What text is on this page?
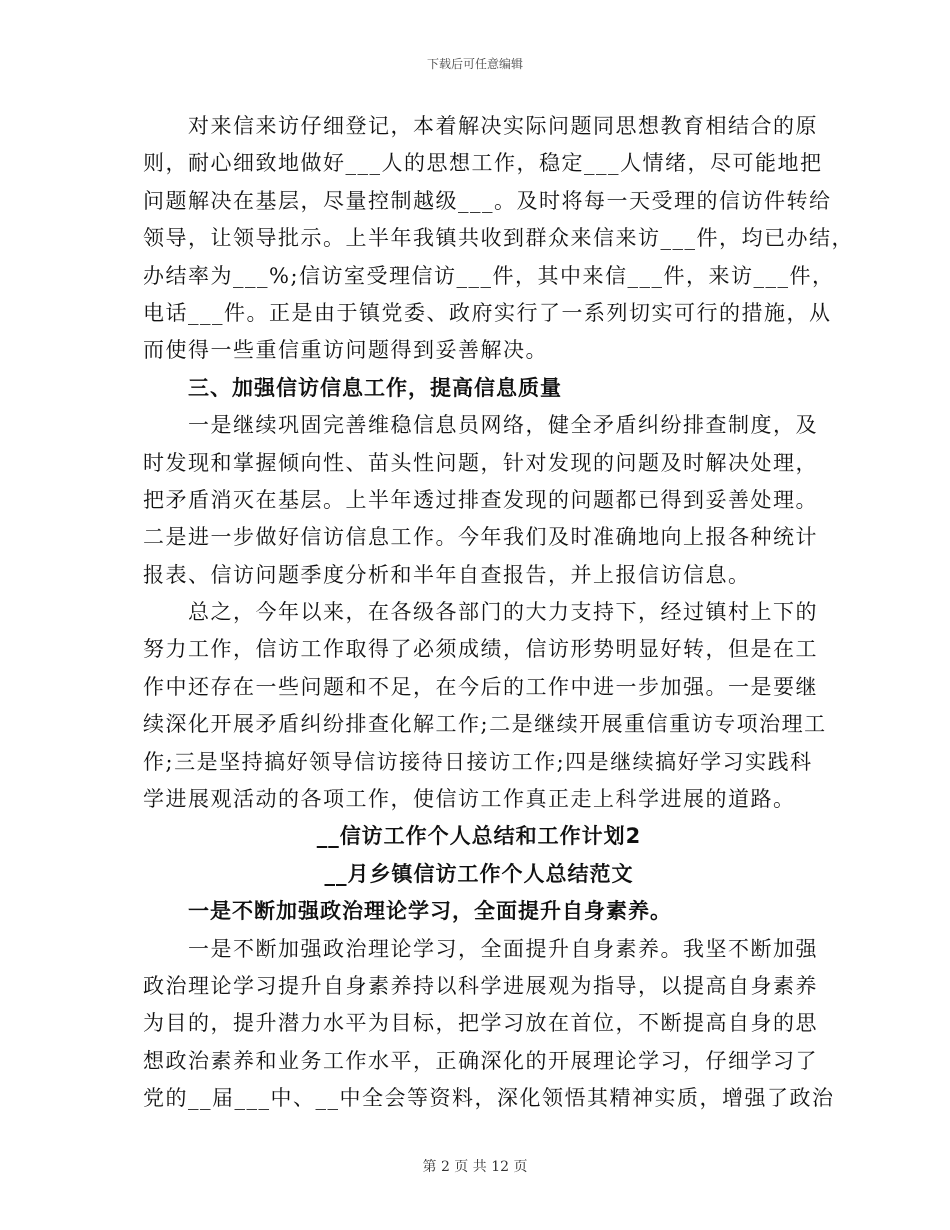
下载后可任意编辑
对来信来访仔细登记，本着解决实际问题同思想教育相结合的原
则，耐心细致地做好___人的思想工作，稳定___人情绪，尽可能地把
问题解决在基层，尽量控制越级___。及时将每一天受理的信访件转给
领导，让领导批示。上半年我镇共收到群众来信来访___件，均已办结，
办结率为___%;信访室受理信访___件，其中来信___件，来访___件，
电话___件。正是由于镇党委、政府实行了一系列切实可行的措施，从
而使得一些重信重访问题得到妥善解决。
三、加强信访信息工作，提高信息质量
一是继续巩固完善维稳信息员网络，健全矛盾纠纷排查制度，及
时发现和掌握倾向性、苗头性问题，针对发现的问题及时解决处理，
把矛盾消灭在基层。上半年透过排查发现的问题都已得到妥善处理。
二是进一步做好信访信息工作。今年我们及时准确地向上报各种统计
报表、信访问题季度分析和半年自查报告，并上报信访信息。
总之，今年以来，在各级各部门的大力支持下，经过镇村上下的
努力工作，信访工作取得了必须成绩，信访形势明显好转，但是在工
作中还存在一些问题和不足，在今后的工作中进一步加强。一是要继
续深化开展矛盾纠纷排查化解工作;二是继续开展重信重访专项治理工
作;三是坚持搞好领导信访接待日接访工作;四是继续搞好学习实践科
学进展观活动的各项工作，使信访工作真正走上科学进展的道路。
__信访工作个人总结和工作计划2
__月乡镇信访工作个人总结范文
一是不断加强政治理论学习，全面提升自身素养。
一是不断加强政治理论学习，全面提升自身素养。我坚不断加强
政治理论学习提升自身素养持以科学进展观为指导，以提高自身素养
为目的，提升潜力水平为目标，把学习放在首位，不断提高自身的思
想政治素养和业务工作水平，正确深化的开展理论学习，仔细学习了
党的__届___中、__中全会等资料，深化领悟其精神实质，增强了政治
第 2 页 共 12 页
